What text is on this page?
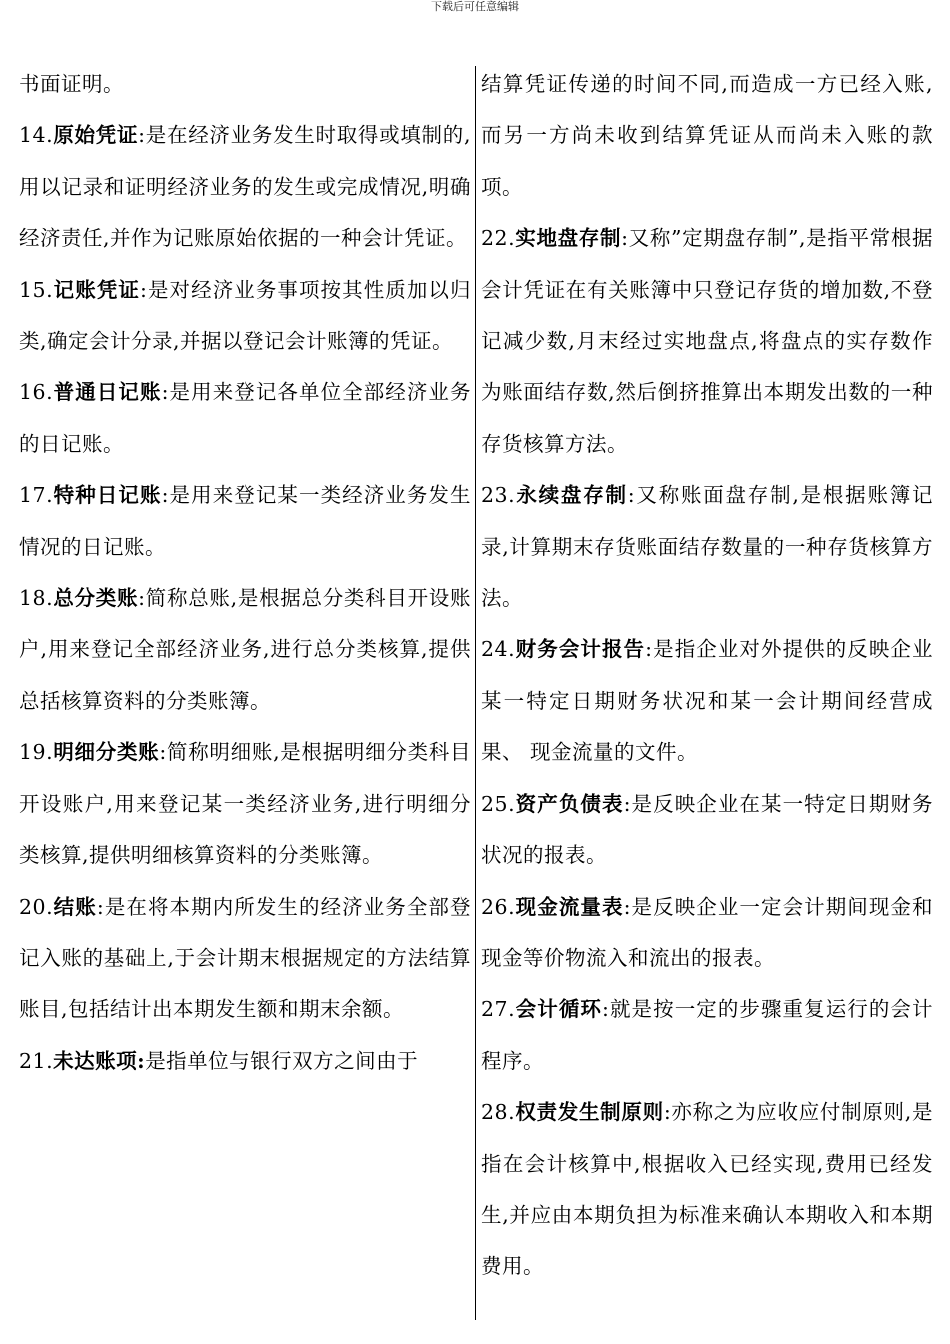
下载后可任意编辑

书面证明。

14.原始凭证:是在经济业务发生时取得或填制的,用以记录和证明经济业务的发生或完成情况,明确经济责任,并作为记账原始依据的一种会计凭证。

15.记账凭证:是对经济业务事项按其性质加以归类,确定会计分录,并据以登记会计账簿的凭证。

16.普通日记账:是用来登记各单位全部经济业务的日记账。

17.特种日记账:是用来登记某一类经济业务发生情况的日记账。

18.总分类账:简称总账,是根据总分类科目开设账户,用来登记全部经济业务,进行总分类核算,提供总括核算资料的分类账簿。

19.明细分类账:简称明细账,是根据明细分类科目开设账户,用来登记某一类经济业务,进行明细分类核算,提供明细核算资料的分类账簿。

20.结账:是在将本期内所发生的经济业务全部登记入账的基础上,于会计期末根据规定的方法结算账目,包括结计出本期发生额和期末余额。

21.未达账项:是指单位与银行双方之间由于

结算凭证传递的时间不同,而造成一方已经入账,而另一方尚未收到结算凭证从而尚未入账的款项。

22.实地盘存制:又称”定期盘存制”,是指平常根据会计凭证在有关账簿中只登记存货的增加数,不登记减少数,月末经过实地盘点,将盘点的实存数作为账面结存数,然后倒挤推算出本期发出数的一种存货核算方法。

23.永续盘存制:又称账面盘存制,是根据账簿记录,计算期末存货账面结存数量的一种存货核算方法。

24.财务会计报告:是指企业对外提供的反映企业某一特定日期财务状况和某一会计期间经营成果、 现金流量的文件。

25.资产负债表:是反映企业在某一特定日期财务状况的报表。

26.现金流量表:是反映企业一定会计期间现金和现金等价物流入和流出的报表。

27.会计循环:就是按一定的步骤重复运行的会计程序。

28.权责发生制原则:亦称之为应收应付制原则,是指在会计核算中,根据收入已经实现,费用已经发生,并应由本期负担为标准来确认本期收入和本期费用。
